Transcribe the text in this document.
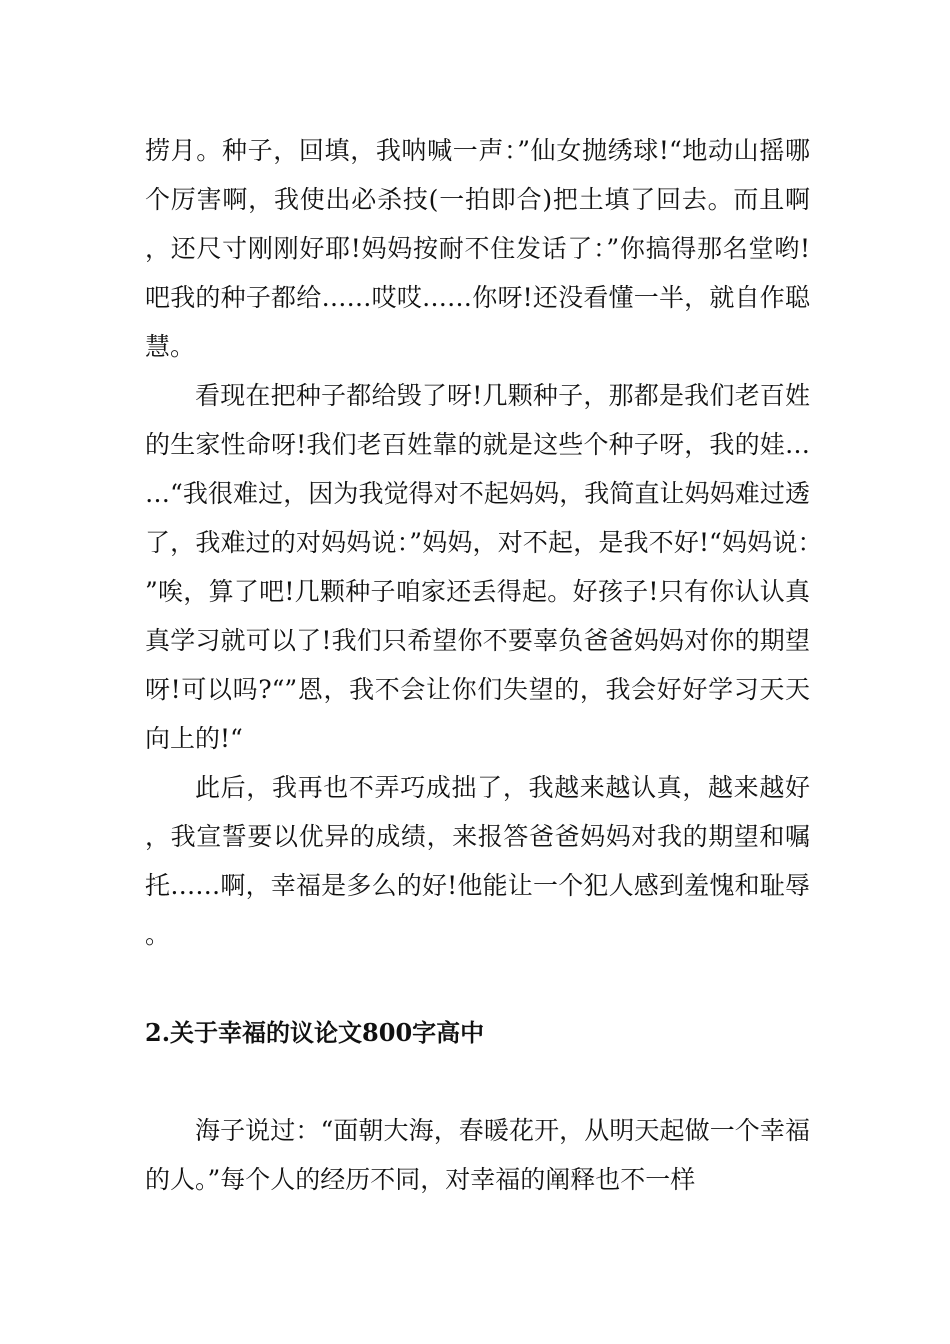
捞月。种子，回填，我呐喊一声：”仙女抛绣球!“地动山摇哪个厉害啊，我使出必杀技(一拍即合)把土填了回去。而且啊，还尺寸刚刚好耶!妈妈按耐不住发话了：”你搞得那名堂哟!吧我的种子都给……哎哎……你呀!还没看懂一半，就自作聪慧。

看现在把种子都给毁了呀!几颗种子，那都是我们老百姓的生家性命呀!我们老百姓靠的就是这些个种子呀，我的娃……“我很难过，因为我觉得对不起妈妈，我简直让妈妈难过透了，我难过的对妈妈说：”妈妈，对不起，是我不好!“妈妈说：”唉，算了吧!几颗种子咱家还丢得起。好孩子!只有你认认真真学习就可以了!我们只希望你不要辜负爸爸妈妈对你的期望呀!可以吗?“”恩，我不会让你们失望的，我会好好学习天天向上的!“

此后，我再也不弄巧成拙了，我越来越认真，越来越好，我宣誓要以优异的成绩，来报答爸爸妈妈对我的期望和嘱托……啊，幸福是多么的好!他能让一个犯人感到羞愧和耻辱。

2.关于幸福的议论文800字高中

海子说过：“面朝大海，春暖花开，从明天起做一个幸福的人。”每个人的经历不同，对幸福的阐释也不一样
